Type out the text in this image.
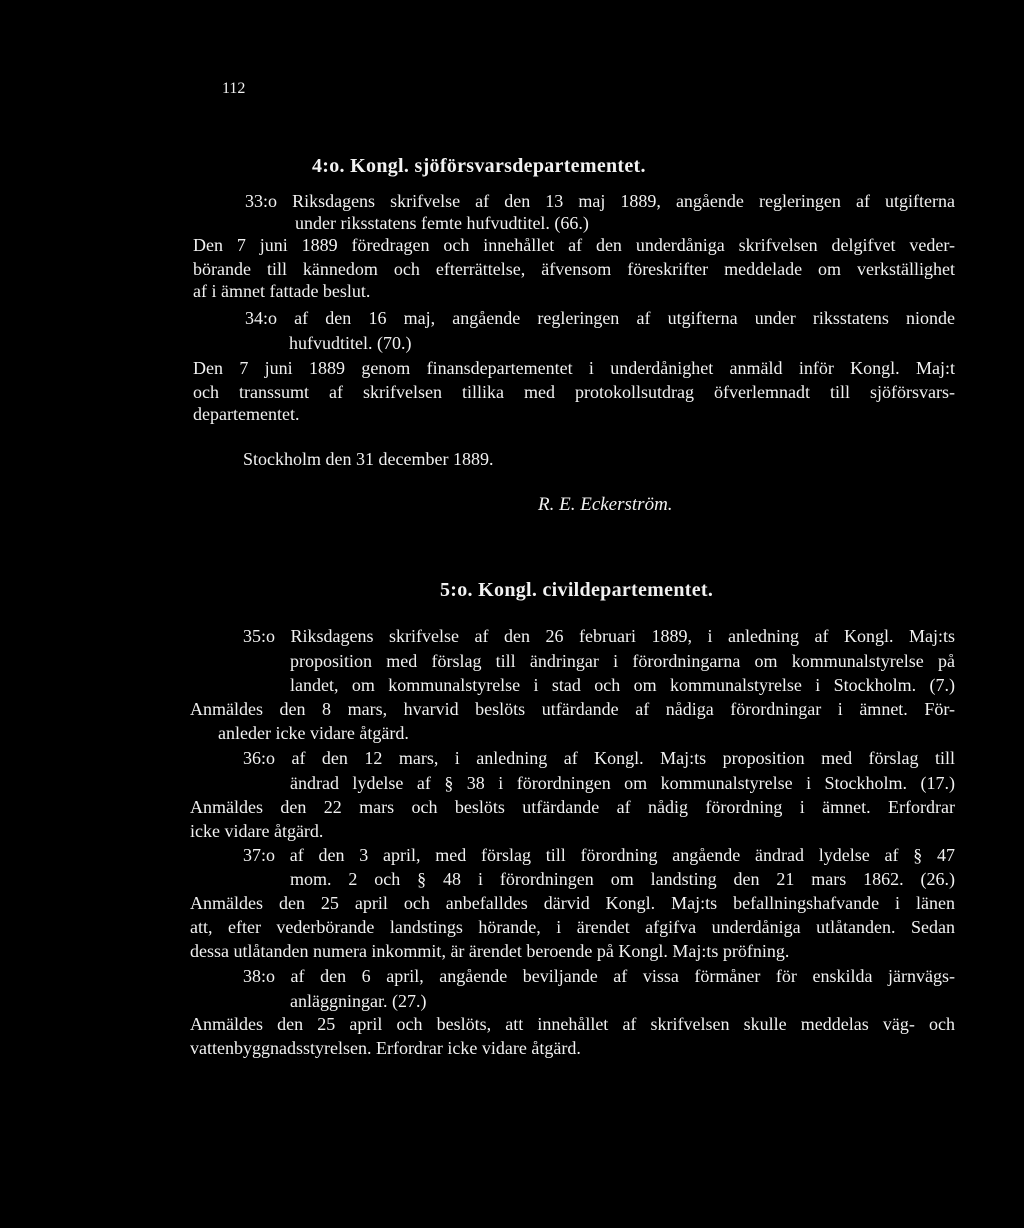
112
4:o. Kongl. sjöförsvarsdepartementet.
33:o Riksdagens skrifvelse af den 13 maj 1889, angående regleringen af utgifterna
under riksstatens femte hufvudtitel. (66.)
Den 7 juni 1889 föredragen och innehållet af den underdåniga skrifvelsen delgifvet veder-
börande till kännedom och efterrättelse, äfvensom föreskrifter meddelade om verkställighet
af i ämnet fattade beslut.
34:o af den 16 maj, angående regleringen af utgifterna under riksstatens nionde
hufvudtitel. (70.)
Den 7 juni 1889 genom finansdepartementet i underdånighet anmäld inför Kongl. Maj:t
och transsumt af skrifvelsen tillika med protokollsutdrag öfverlemnadt till sjöförsvars-
departementet.
Stockholm den 31 december 1889.
R. E. Eckerström.
5:o. Kongl. civildepartementet.
35:o Riksdagens skrifvelse af den 26 februari 1889, i anledning af Kongl. Maj:ts
proposition med förslag till ändringar i förordningarna om kommunalstyrelse på
landet, om kommunalstyrelse i stad och om kommunalstyrelse i Stockholm. (7.)
Anmäldes den 8 mars, hvarvid beslöts utfärdande af nådiga förordningar i ämnet. För-
anleder icke vidare åtgärd.
36:o af den 12 mars, i anledning af Kongl. Maj:ts proposition med förslag till
ändrad lydelse af § 38 i förordningen om kommunalstyrelse i Stockholm. (17.)
Anmäldes den 22 mars och beslöts utfärdande af nådig förordning i ämnet. Erfordrar
icke vidare åtgärd.
37:o af den 3 april, med förslag till förordning angående ändrad lydelse af § 47
mom. 2 och § 48 i förordningen om landsting den 21 mars 1862. (26.)
Anmäldes den 25 april och anbefalldes därvid Kongl. Maj:ts befallningshafvande i länen
att, efter vederbörande landstings hörande, i ärendet afgifva underdåniga utlåtanden. Sedan
dessa utlåtanden numera inkommit, är ärendet beroende på Kongl. Maj:ts pröfning.
38:o af den 6 april, angående beviljande af vissa förmåner för enskilda järnvägs-
anläggningar. (27.)
Anmäldes den 25 april och beslöts, att innehållet af skrifvelsen skulle meddelas väg- och
vattenbyggnadsstyrelsen. Erfordrar icke vidare åtgärd.
